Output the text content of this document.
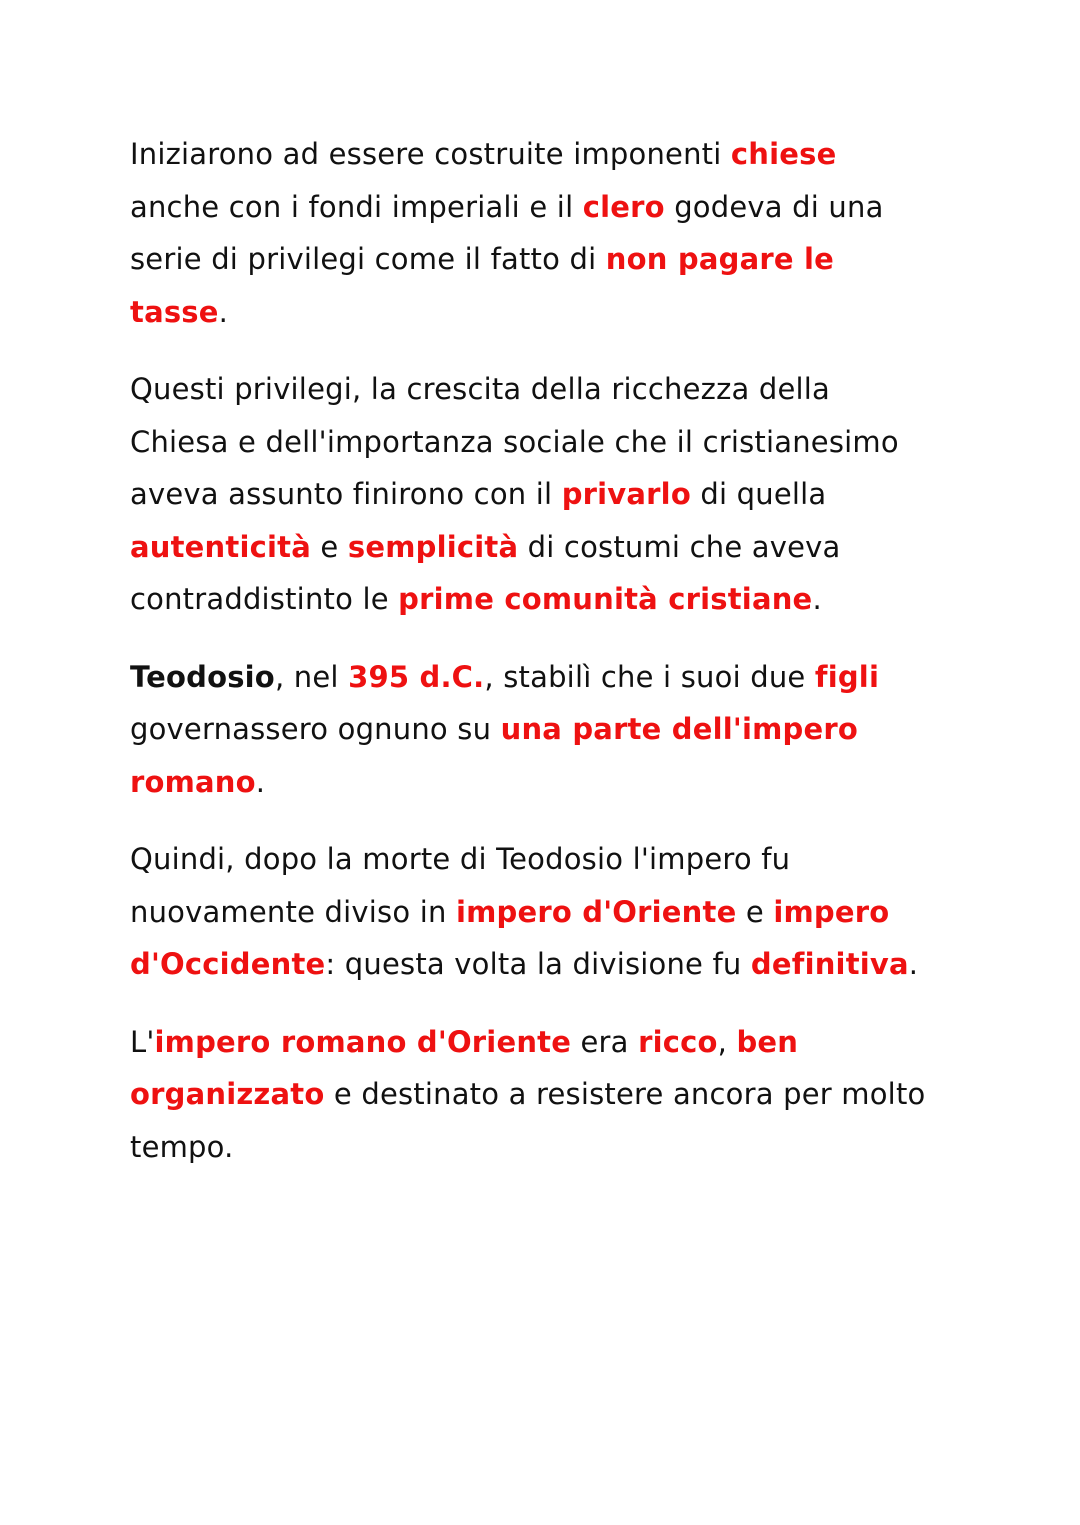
Iniziarono ad essere costruite imponenti chiese
anche con i fondi imperiali e il clero godeva di una
serie di privilegi come il fatto di non pagare le
tasse.

Questi privilegi, la crescita della ricchezza della
Chiesa e dell'importanza sociale che il cristianesimo
aveva assunto finirono con il privarlo di quella
autenticità e semplicità di costumi che aveva
contraddistinto le prime comunità cristiane.

Teodosio, nel 395 d.C., stabilì che i suoi due figli
governassero ognuno su una parte dell'impero
romano.

Quindi, dopo la morte di Teodosio l'impero fu
nuovamente diviso in impero d'Oriente e impero
d'Occidente: questa volta la divisione fu definitiva.

L'impero romano d'Oriente era ricco, ben
organizzato e destinato a resistere ancora per molto
tempo.
